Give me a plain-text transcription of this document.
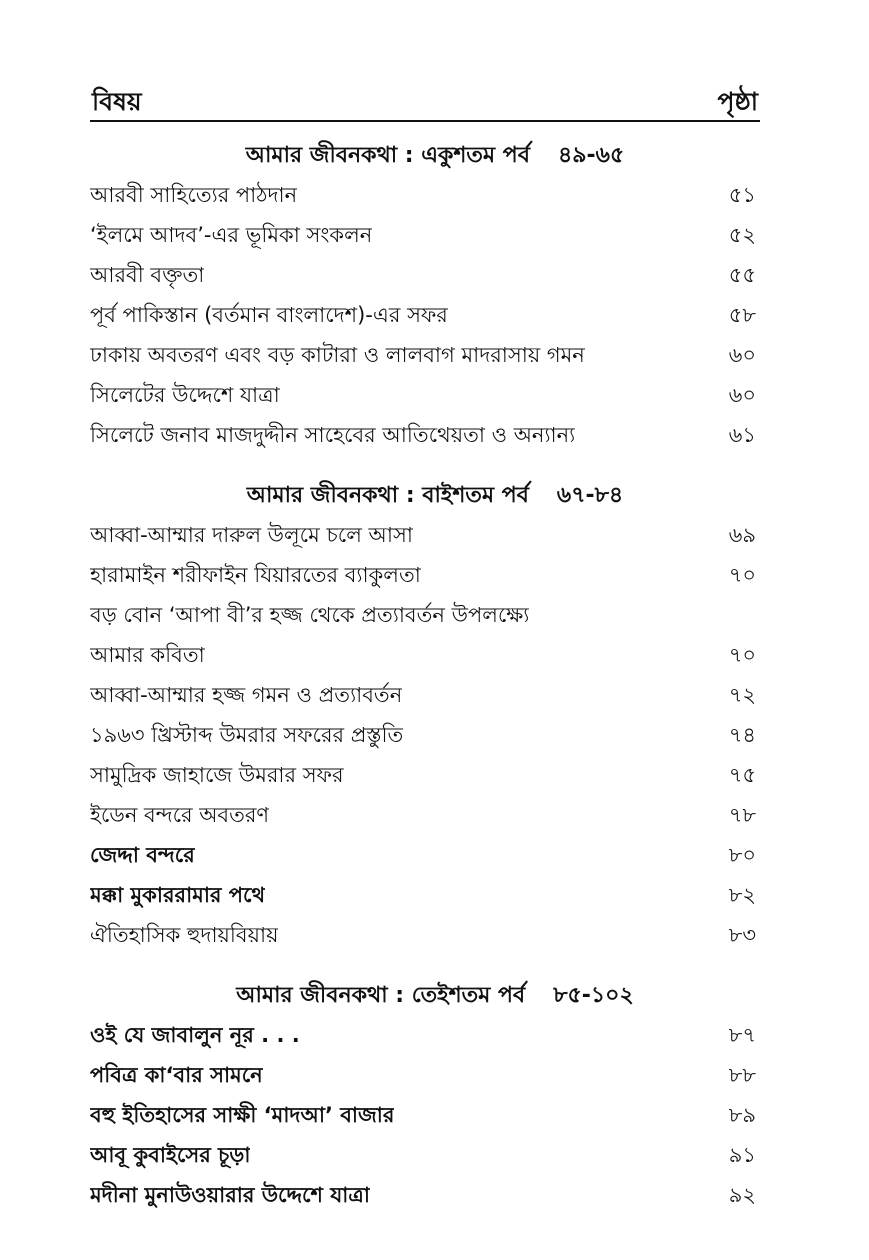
বিষয়	পৃষ্ঠা
আমার জীবনকথা : একুশতম পর্ব ৪৯-৬৫
আরবী সাহিত্যের পাঠদান	৫১
‘ইলমে আদব’-এর ভূমিকা সংকলন	৫২
আরবী বক্তৃতা	৫৫
পূর্ব পাকিস্তান (বর্তমান বাংলাদেশ)-এর সফর	৫৮
ঢাকায় অবতরণ এবং বড় কাটারা ও লালবাগ মাদরাসায় গমন	৬০
সিলেটের উদ্দেশে যাত্রা	৬০
সিলেটে জনাব মাজদুদ্দীন সাহেবের আতিথেয়তা ও অন্যান্য	৬১
আমার জীবনকথা : বাইশতম পর্ব ৬৭-৮৪
আব্বা-আম্মার দারুল উলূমে চলে আসা	৬৯
হারামাইন শরীফাইন যিয়ারতের ব্যাকুলতা	৭০
বড় বোন ‘আপা বী’র হজ্জ থেকে প্রত্যাবর্তন উপলক্ষ্যে
আমার কবিতা	৭০
আব্বা-আম্মার হজ্জ গমন ও প্রত্যাবর্তন	৭২
১৯৬৩ খ্রিস্টাব্দ উমরার সফরের প্রস্তুতি	৭৪
সামুদ্রিক জাহাজে উমরার সফর	৭৫
ইডেন বন্দরে অবতরণ	৭৮
জেদ্দা বন্দরে	৮০
মক্কা মুকাররামার পথে	৮২
ঐতিহাসিক হুদায়বিয়ায়	৮৩
আমার জীবনকথা : তেইশতম পর্ব ৮৫-১০২
ওই যে জাবালুন নূর . . .	৮৭
পবিত্র কা‘বার সামনে	৮৮
বহু ইতিহাসের সাক্ষী ‘মাদআ’ বাজার	৮৯
আবূ কুবাইসের চূড়া	৯১
মদীনা মুনাউওয়ারার উদ্দেশে যাত্রা	৯২
